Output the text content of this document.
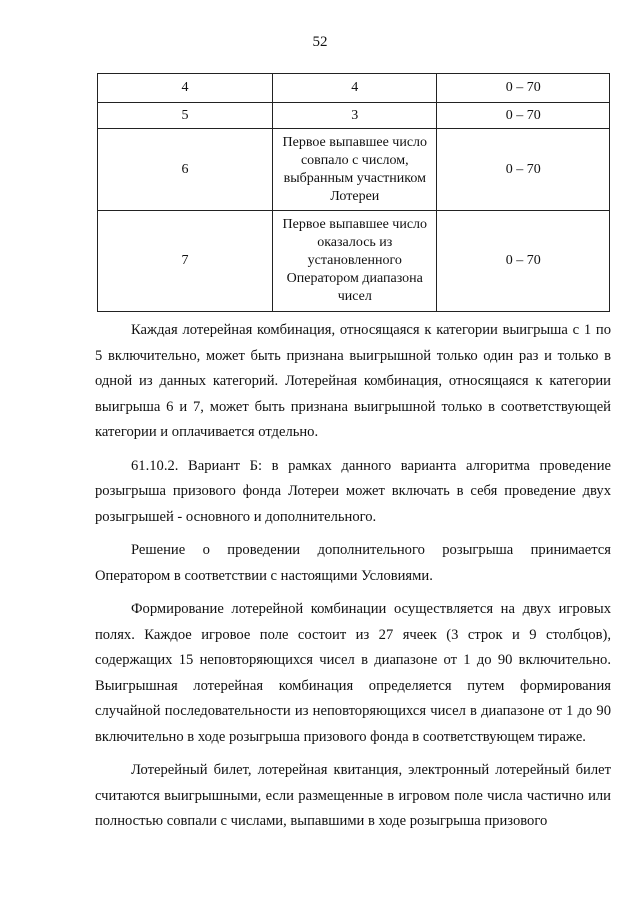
52
4	4	0 – 70
5	3	0 – 70
6	Первое выпавшее число совпало с числом, выбранным участником Лотереи	0 – 70
7	Первое выпавшее число оказалось из установленного Оператором диапазона чисел	0 – 70

Каждая лотерейная комбинация, относящаяся к категории выигрыша с 1 по 5 включительно, может быть признана выигрышной только один раз и только в одной из данных категорий. Лотерейная комбинация, относящаяся к категории выигрыша 6 и 7, может быть признана выигрышной только в соответствующей категории и оплачивается отдельно.

61.10.2. Вариант Б: в рамках данного варианта алгоритма проведение розыгрыша призового фонда Лотереи может включать в себя проведение двух розыгрышей - основного и дополнительного.

Решение о проведении дополнительного розыгрыша принимается Оператором в соответствии с настоящими Условиями.

Формирование лотерейной комбинации осуществляется на двух игровых полях. Каждое игровое поле состоит из 27 ячеек (3 строк и 9 столбцов), содержащих 15 неповторяющихся чисел в диапазоне от 1 до 90 включительно. Выигрышная лотерейная комбинация определяется путем формирования случайной последовательности из неповторяющихся чисел в диапазоне от 1 до 90 включительно в ходе розыгрыша призового фонда в соответствующем тираже.

Лотерейный билет, лотерейная квитанция, электронный лотерейный билет считаются выигрышными, если размещенные в игровом поле числа частично или полностью совпали с числами, выпавшими в ходе розыгрыша призового
